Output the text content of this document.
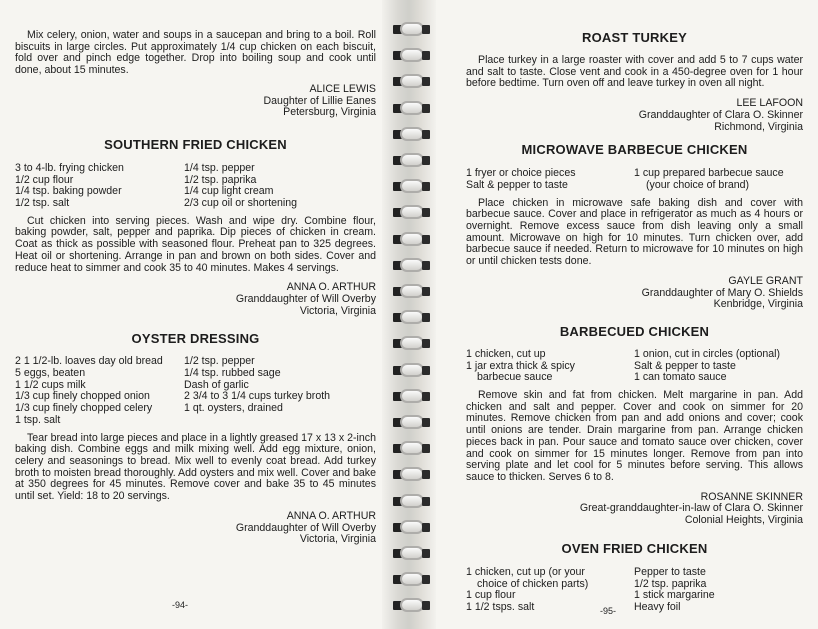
Mix celery, onion, water and soups in a saucepan and bring to a boil. Roll biscuits in large circles. Put approximately 1/4 cup chicken on each biscuit, fold over and pinch edge together. Drop into boiling soup and cook until done, about 15 minutes.

ALICE LEWIS
Daughter of Lillie Eanes
Petersburg, Virginia
SOUTHERN FRIED CHICKEN
3 to 4-lb. frying chicken
1/2 cup flour
1/4 tsp. baking powder
1/2 tsp. salt
1/4 tsp. pepper
1/2 tsp. paprika
1/4 cup light cream
2/3 cup oil or shortening

Cut chicken into serving pieces. Wash and wipe dry. Combine flour, baking powder, salt, pepper and paprika. Dip pieces of chicken in cream. Coat as thick as possible with seasoned flour. Preheat pan to 325 degrees. Heat oil or shortening. Arrange in pan and brown on both sides. Cover and reduce heat to simmer and cook 35 to 40 minutes. Makes 4 servings.

ANNA O. ARTHUR
Granddaughter of Will Overby
Victoria, Virginia
OYSTER DRESSING
2 1 1/2-lb. loaves day old bread
5 eggs, beaten
1 1/2 cups milk
1/3 cup finely chopped onion
1/3 cup finely chopped celery
1 tsp. salt
1/2 tsp. pepper
1/4 tsp. rubbed sage
Dash of garlic
2 3/4 to 3 1/4 cups turkey broth
1 qt. oysters, drained

Tear bread into large pieces and place in a lightly greased 17 x 13 x 2-inch baking dish. Combine eggs and milk mixing well. Add egg mixture, onion, celery and seasonings to bread. Mix well to evenly coat bread. Add turkey broth to moisten bread thoroughly. Add oysters and mix well. Cover and bake at 350 degrees for 45 minutes. Remove cover and bake 35 to 45 minutes until set. Yield: 18 to 20 servings.

ANNA O. ARTHUR
Granddaughter of Will Overby
Victoria, Virginia
-94-
ROAST TURKEY

Place turkey in a large roaster with cover and add 5 to 7 cups water and salt to taste. Close vent and cook in a 450-degree oven for 1 hour before bedtime. Turn oven off and leave turkey in oven all night.

LEE LAFOON
Granddaughter of Clara O. Skinner
Richmond, Virginia
MICROWAVE BARBECUE CHICKEN
1 fryer or choice pieces
Salt & pepper to taste
1 cup prepared barbecue sauce
(your choice of brand)

Place chicken in microwave safe baking dish and cover with barbecue sauce. Cover and place in refrigerator as much as 4 hours or overnight. Remove excess sauce from dish leaving only a small amount. Microwave on high for 10 minutes. Turn chicken over, add barbecue sauce if needed. Return to microwave for 10 minutes on high or until chicken tests done.

GAYLE GRANT
Granddaughter of Mary O. Shields
Kenbridge, Virginia
BARBECUED CHICKEN
1 chicken, cut up
1 jar extra thick & spicy
barbecue sauce
1 onion, cut in circles (optional)
Salt & pepper to taste
1 can tomato sauce

Remove skin and fat from chicken. Melt margarine in pan. Add chicken and salt and pepper. Cover and cook on simmer for 20 minutes. Remove chicken from pan and add onions and cover; cook until onions are tender. Drain margarine from pan. Arrange chicken pieces back in pan. Pour sauce and tomato sauce over chicken, cover and cook on simmer for 15 minutes longer. Remove from pan into serving plate and let cool for 5 minutes before serving. This allows sauce to thicken. Serves 6 to 8.

ROSANNE SKINNER
Great-granddaughter-in-law of Clara O. Skinner
Colonial Heights, Virginia
OVEN FRIED CHICKEN
1 chicken, cut up (or your
choice of chicken parts)
1 cup flour
1 1/2 tsps. salt
Pepper to taste
1/2 tsp. paprika
1 stick margarine
Heavy foil
-95-
